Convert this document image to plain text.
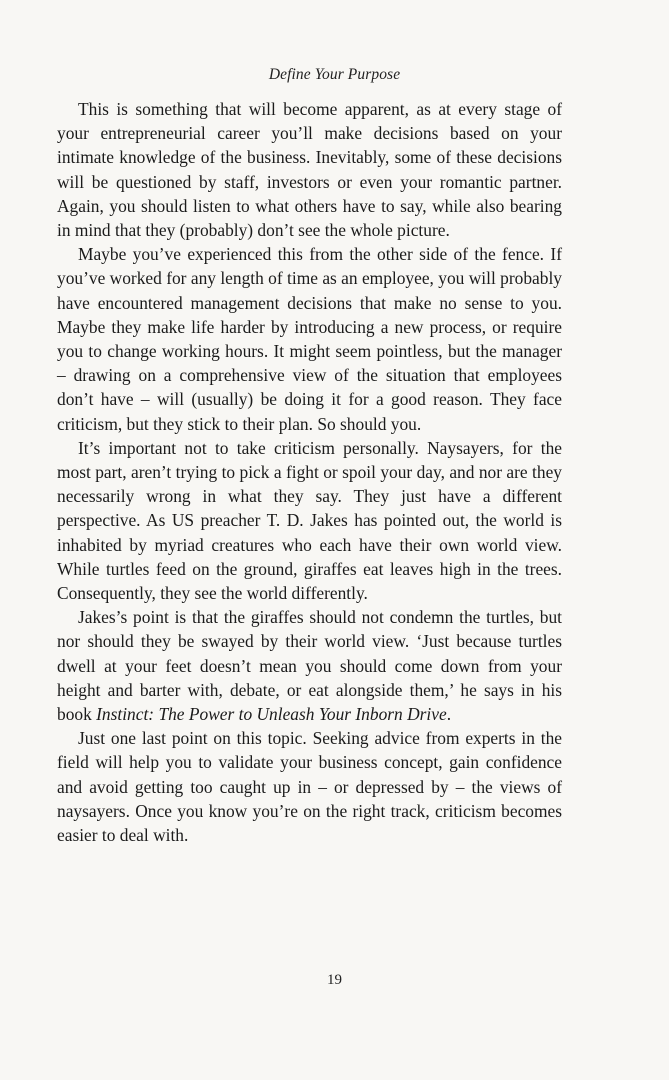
Define Your Purpose

This is something that will become apparent, as at every stage of your entrepreneurial career you’ll make decisions based on your intimate knowledge of the business. Inevitably, some of these decisions will be questioned by staff, investors or even your romantic partner. Again, you should listen to what others have to say, while also bearing in mind that they (probably) don’t see the whole picture.

Maybe you’ve experienced this from the other side of the fence. If you’ve worked for any length of time as an employee, you will probably have encountered management decisions that make no sense to you. Maybe they make life harder by introducing a new process, or require you to change working hours. It might seem pointless, but the manager – drawing on a comprehensive view of the situation that employees don’t have – will (usually) be doing it for a good reason. They face criticism, but they stick to their plan. So should you.

It’s important not to take criticism personally. Naysayers, for the most part, aren’t trying to pick a fight or spoil your day, and nor are they necessarily wrong in what they say. They just have a different perspective. As US preacher T. D. Jakes has pointed out, the world is inhabited by myriad creatures who each have their own world view. While turtles feed on the ground, giraffes eat leaves high in the trees. Consequently, they see the world differently.

Jakes’s point is that the giraffes should not condemn the turtles, but nor should they be swayed by their world view. ‘Just because turtles dwell at your feet doesn’t mean you should come down from your height and barter with, debate, or eat alongside them,’ he says in his book Instinct: The Power to Unleash Your Inborn Drive.

Just one last point on this topic. Seeking advice from experts in the field will help you to validate your business concept, gain confidence and avoid getting too caught up in – or depressed by – the views of naysayers. Once you know you’re on the right track, criticism becomes easier to deal with.

19
